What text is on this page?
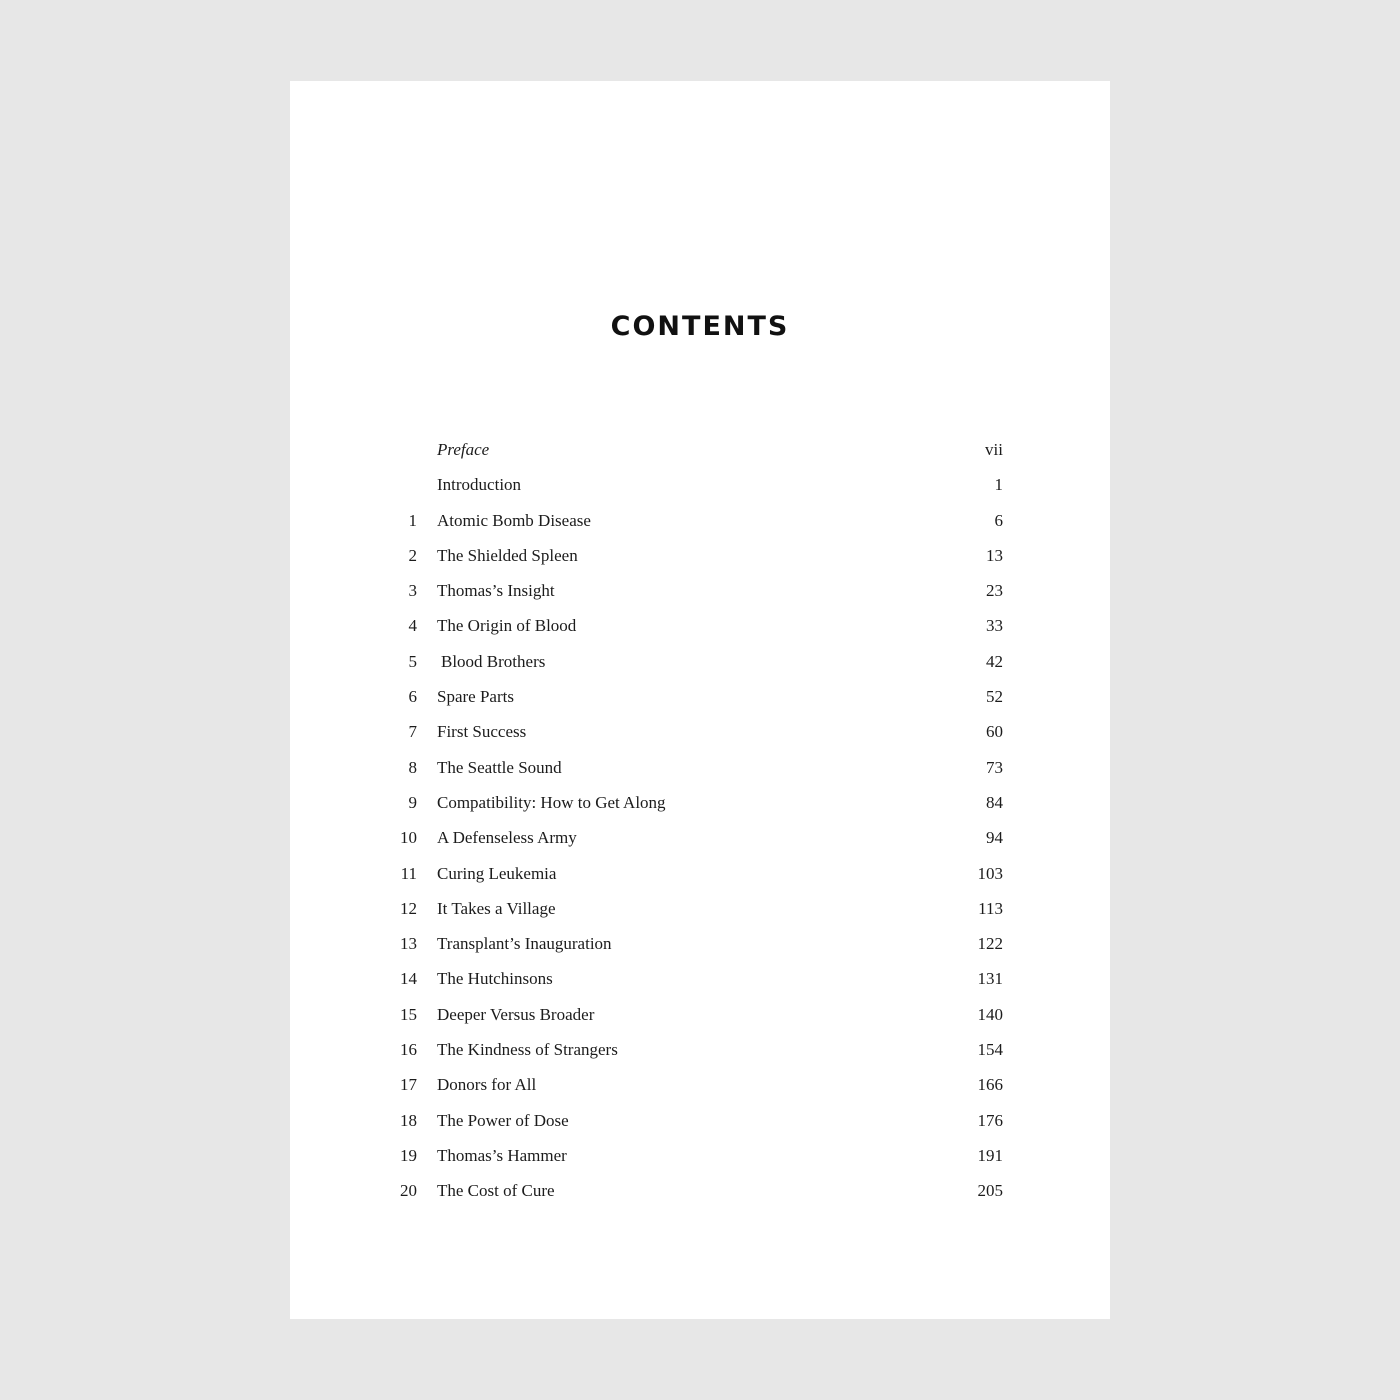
CONTENTS
Preface	vii
Introduction	1
1 Atomic Bomb Disease	6
2 The Shielded Spleen	13
3 Thomas’s Insight	23
4 The Origin of Blood	33
5 Blood Brothers	42
6 Spare Parts	52
7 First Success	60
8 The Seattle Sound	73
9 Compatibility: How to Get Along	84
10 A Defenseless Army	94
11 Curing Leukemia	103
12 It Takes a Village	113
13 Transplant’s Inauguration	122
14 The Hutchinsons	131
15 Deeper Versus Broader	140
16 The Kindness of Strangers	154
17 Donors for All	166
18 The Power of Dose	176
19 Thomas’s Hammer	191
20 The Cost of Cure	205
